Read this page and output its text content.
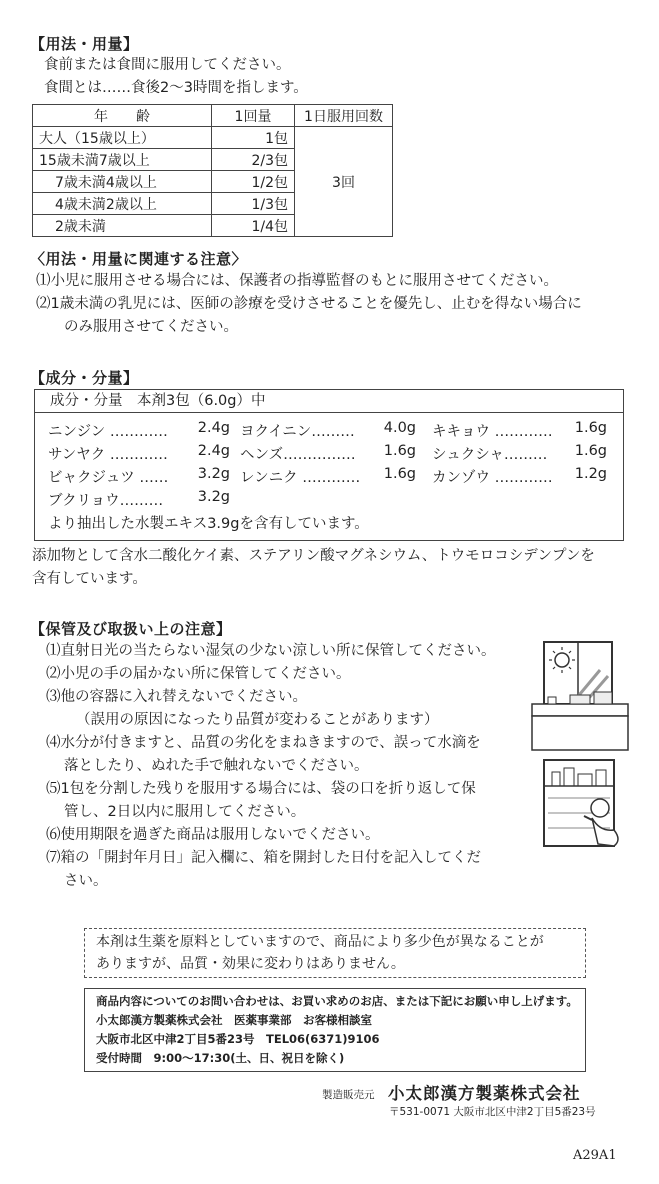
【用法・用量】
食前または食間に服用してください。
食間とは……食後2～3時間を指します。
年　　齢	1回量	1日服用回数
大人（15歳以上）	1包	3回
15歳未満7歳以上	2/3包	
7歳未満4歳以上	1/2包	
4歳未満2歳以上	1/3包	
2歳未満	1/4包	
〈用法・用量に関連する注意〉
⑴小児に服用させる場合には、保護者の指導監督のもとに服用させてください。
⑵1歳未満の乳児には、医師の診療を受けさせることを優先し、止むを得ない場合に
のみ服用させてください。
【成分・分量】
成分・分量　本剤3包（6.0g）中
ニンジン …………	2.4g ヨクイニン………	4.0g キキョウ …………	1.6g
サンヤク …………	2.4g ヘンズ……………	1.6g シュクシャ………	1.6g
ビャクジュツ ……	3.2g レンニク …………	1.6g カンゾウ …………	1.2g
ブクリョウ………	3.2g
より抽出した水製エキス3.9gを含有しています。
添加物として含水二酸化ケイ素、ステアリン酸マグネシウム、トウモロコシデンプンを
含有しています。
【保管及び取扱い上の注意】
⑴直射日光の当たらない湿気の少ない涼しい所に保管してください。
⑵小児の手の届かない所に保管してください。
⑶他の容器に入れ替えないでください。
（誤用の原因になったり品質が変わることがあります）
⑷水分が付きますと、品質の劣化をまねきますので、誤って水滴を
落としたり、ぬれた手で触れないでください。
⑸1包を分割した残りを服用する場合には、袋の口を折り返して保
管し、2日以内に服用してください。
⑹使用期限を過ぎた商品は服用しないでください。
⑺箱の「開封年月日」記入欄に、箱を開封した日付を記入してくだ
さい。
本剤は生薬を原料としていますので、商品により多少色が異なることが
ありますが、品質・効果に変わりはありません。
商品内容についてのお問い合わせは、お買い求めのお店、または下記にお願い申し上げます。
小太郎漢方製薬株式会社　医薬事業部　お客様相談室
大阪市北区中津2丁目5番23号　TEL06(6371)9106
受付時間　9:00～17:30(土、日、祝日を除く)
製造販売元 小太郎漢方製薬株式会社
〒531-0071 大阪市北区中津2丁目5番23号
A29A1
